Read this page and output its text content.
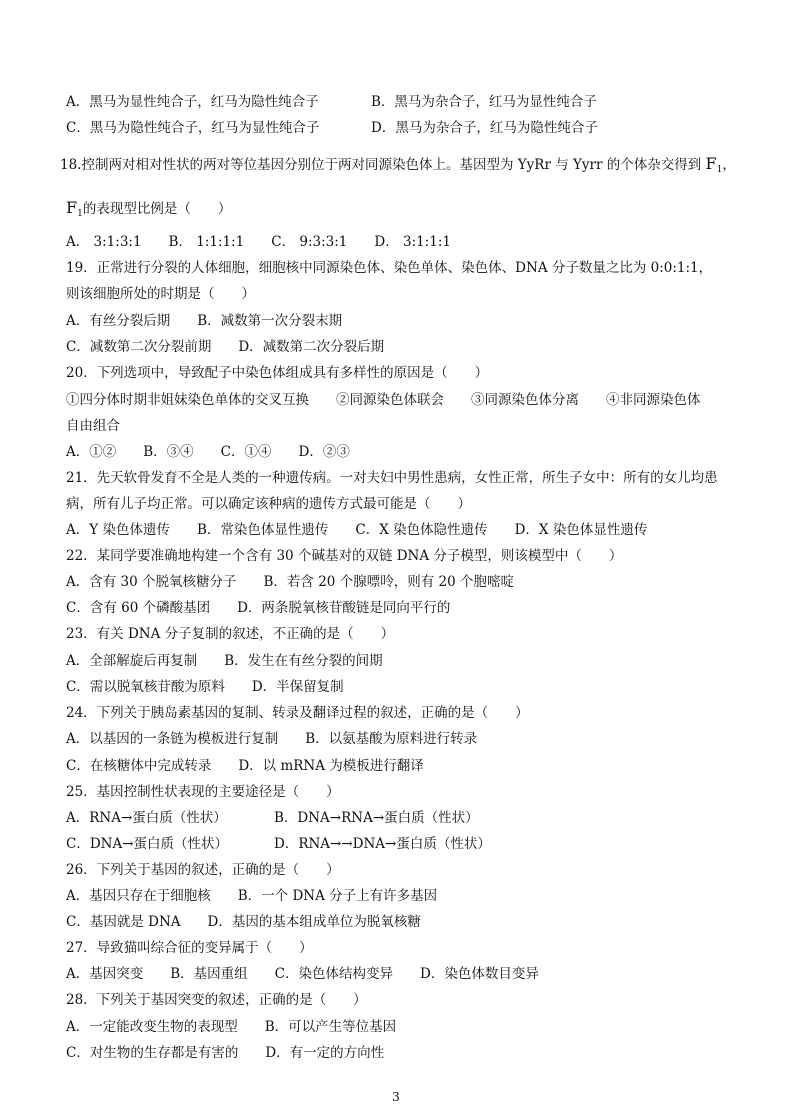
A．黑马为显性纯合子，红马为隐性纯合子	B．黑马为杂合子，红马为显性纯合子
C．黑马为隐性纯合子，红马为显性纯合子	D．黑马为杂合子，红马为隐性纯合子
18.控制两对相对性状的两对等位基因分别位于两对同源染色体上。基因型为 YyRr 与 Yyrr 的个体杂交得到 $F_1$，
$F_1$的表现型比例是（　　）
A． 3:1:3:1　　B． 1:1:1:1　　C． 9:3:3:1　　D． 3:1:1:1
19．正常进行分裂的人体细胞，细胞核中同源染色体、染色单体、染色体、DNA 分子数量之比为 0:0:1:1，
则该细胞所处的时期是（　　）
A．有丝分裂后期　　B．减数第一次分裂末期
C．减数第二次分裂前期　　D．减数第二次分裂后期
20．下列选项中，导致配子中染色体组成具有多样性的原因是（　　）
①四分体时期非姐妹染色单体的交叉互换　　②同源染色体联会　　③同源染色体分离　　④非同源染色体
自由组合
A．①②　　B．③④　　C．①④　　D．②③
21．先天软骨发育不全是人类的一种遗传病。一对夫妇中男性患病，女性正常，所生子女中：所有的女儿均患
病，所有儿子均正常。可以确定该种病的遗传方式最可能是（　　）
A．Y 染色体遗传　　B．常染色体显性遗传　　C．X 染色体隐性遗传　　D．X 染色体显性遗传
22．某同学要准确地构建一个含有 30 个碱基对的双链 DNA 分子模型，则该模型中（　　）
A．含有 30 个脱氧核糖分子　　B．若含 20 个腺嘌呤，则有 20 个胞嘧啶
C．含有 60 个磷酸基团　　D．两条脱氧核苷酸链是同向平行的
23．有关 DNA 分子复制的叙述，不正确的是（　　）
A．全部解旋后再复制　　B．发生在有丝分裂的间期
C．需以脱氧核苷酸为原料　　D．半保留复制
24．下列关于胰岛素基因的复制、转录及翻译过程的叙述，正确的是（　　）
A．以基因的一条链为模板进行复制　　B．以氨基酸为原料进行转录
C．在核糖体中完成转录　　D．以 mRNA 为模板进行翻译
25．基因控制性状表现的主要途径是（　　）
A．RNA→蛋白质（性状）	B．DNA→RNA→蛋白质（性状）
C．DNA→蛋白质（性状）	D．RNA→→DNA→蛋白质（性状）
26．下列关于基因的叙述，正确的是（　　）
A．基因只存在于细胞核　　B．一个 DNA 分子上有许多基因
C．基因就是 DNA　　D．基因的基本组成单位为脱氧核糖
27．导致猫叫综合征的变异属于（　　）
A．基因突变　　B．基因重组　　C．染色体结构变异　　D．染色体数目变异
28．下列关于基因突变的叙述，正确的是（　　）
A．一定能改变生物的表现型　　B．可以产生等位基因
C．对生物的生存都是有害的　　D．有一定的方向性
3
